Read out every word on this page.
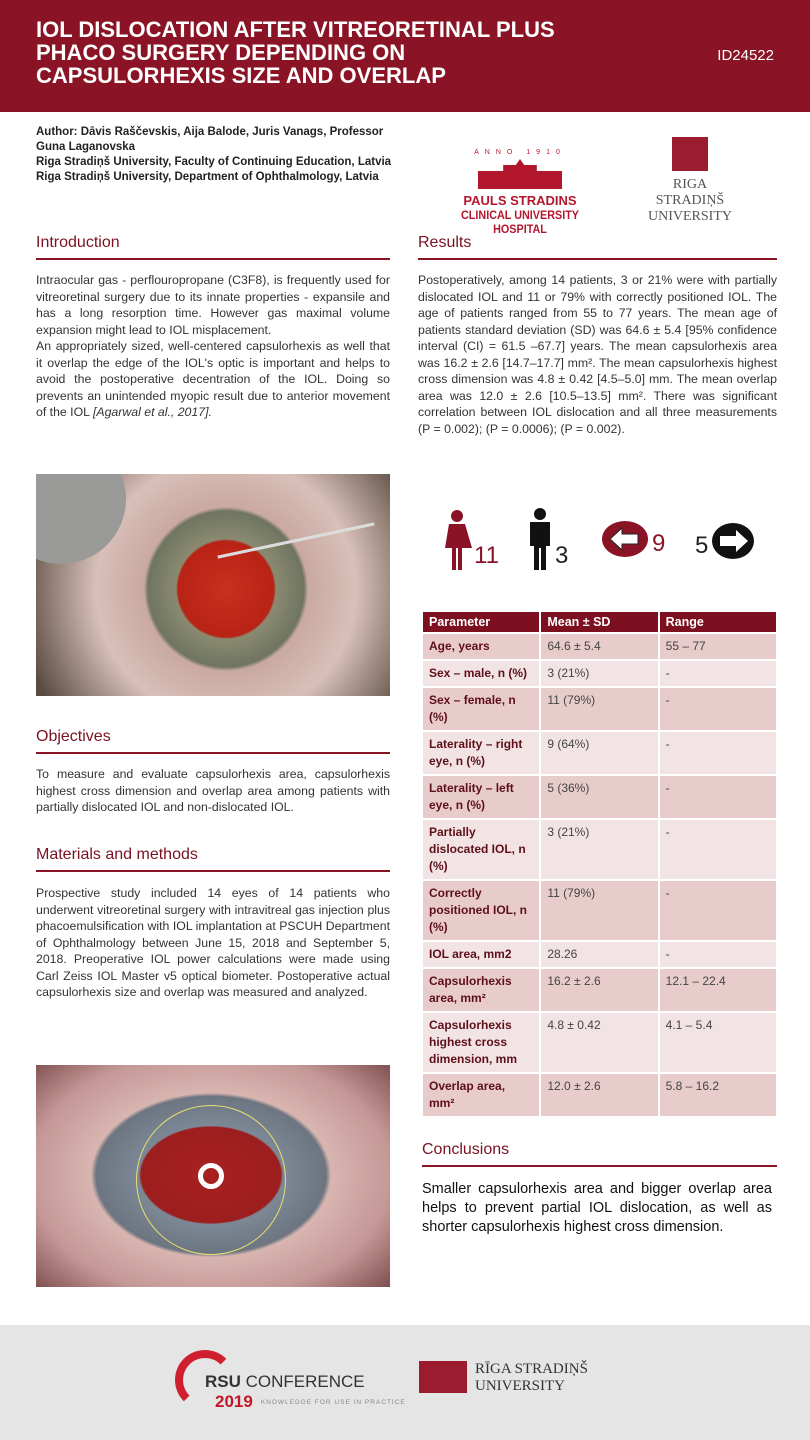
IOL DISLOCATION AFTER VITREORETINAL PLUS PHACO SURGERY DEPENDING ON CAPSULORHEXIS SIZE AND OVERLAP
ID24522
Author: Dāvis Raščevskis, Aija Balode, Juris Vanags, Professor Guna Laganovska
Riga Stradiņš University, Faculty of Continuing Education, Latvia
Riga Stradiņš University, Department of Ophthalmology, Latvia
ANNO 1910
PAULS STRADINS
CLINICAL UNIVERSITY HOSPITAL
RIGA
STRADIŅŠ
UNIVERSITY
Introduction
Intraocular gas - perflouropropane (C3F8), is frequently used for vitreoretinal surgery due to its innate properties - expansile and has a long resorption time. However gas maximal volume expansion might lead to IOL misplacement.
An appropriately sized, well-centered capsulorhexis as well that it overlap the edge of the IOL's optic is important and helps to avoid the postoperative decentration of the IOL. Doing so prevents an unintended myopic result due to anterior movement of the IOL [Agarwal et al., 2017].
Objectives
To measure and evaluate capsulorhexis area, capsulorhexis highest cross dimension and overlap area among patients with partially dislocated IOL and non-dislocated IOL.
Materials and methods
Prospective study included 14 eyes of 14 patients who underwent vitreoretinal surgery with intravitreal gas injection plus phacoemulsification with IOL implantation at PSCUH Department of Ophthalmology between June 15, 2018 and September 5, 2018. Preoperative IOL power calculations were made using Carl Zeiss IOL Master v5 optical biometer. Postoperative actual capsulorhexis size and overlap was measured and analyzed.
Results
Postoperatively, among 14 patients, 3 or 21% were with partially dislocated IOL and 11 or 79% with correctly positioned IOL. The age of patients ranged from 55 to 77 years. The mean age of patients standard deviation (SD) was 64.6 ± 5.4 [95% confidence interval (CI) = 61.5 –67.7] years. The mean capsulorhexis area was 16.2 ± 2.6 [14.7–17.7] mm². The mean capsulorhexis highest cross dimension was 4.8 ± 0.42 [4.5–5.0] mm. The mean overlap area was 12.0 ± 2.6 [10.5–13.5] mm². There was significant correlation between IOL dislocation and all three measurements (P = 0.002); (P = 0.0006); (P = 0.002).
11 3	9 5
Parameter	Mean ± SD	Range
Age, years	64.6 ± 5.4	55 – 77
Sex – male, n (%)	3 (21%)	-
Sex – female, n (%)	11 (79%)	-
Laterality – right eye, n (%)	9 (64%)	-
Laterality – left eye, n (%)	5 (36%)	-
Partially dislocated IOL, n (%)	3 (21%)	-
Correctly positioned IOL, n (%)	11 (79%)	-
IOL area, mm2	28.26	-
Capsulorhexis area, mm²	16.2 ± 2.6	12.1 – 22.4
Capsulorhexis highest cross dimension, mm	4.8 ± 0.42	4.1 – 5.4
Overlap area, mm²	12.0 ± 2.6	5.8 – 16.2
Conclusions
Smaller capsulorhexis area and bigger overlap area helps to prevent partial IOL dislocation, as well as shorter capsulorhexis highest cross dimension.
RSU CONFERENCE
2019 KNOWLEDGE FOR USE IN PRACTICE
RĪGA STRADIŅŠ
UNIVERSITY
